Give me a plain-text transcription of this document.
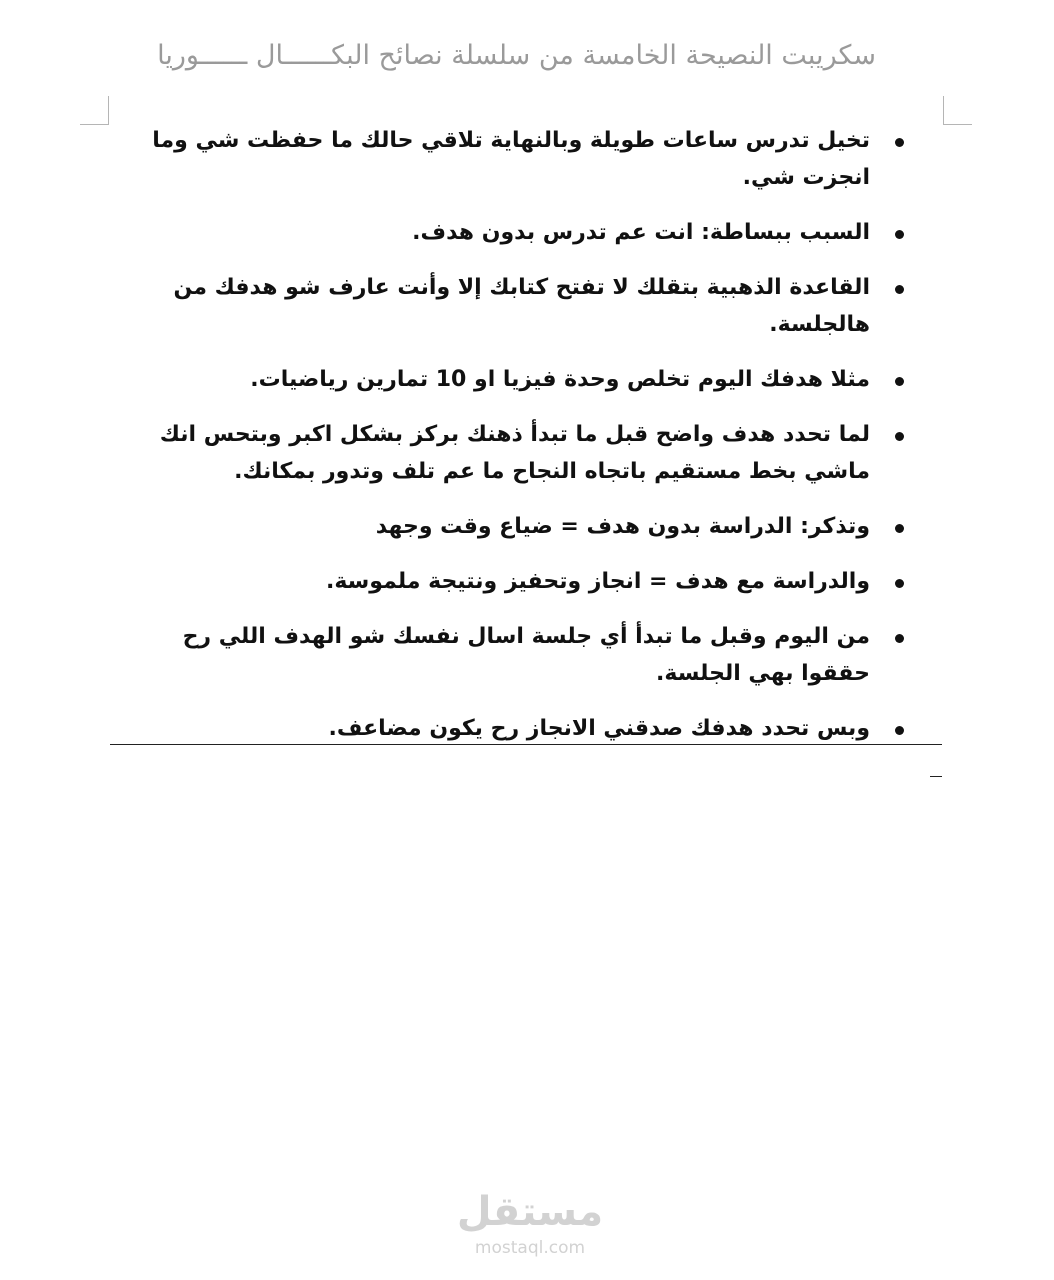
سكريبت النصيحة الخامسة من سلسلة نصائح البكــــــال ــــــوريا
تخيل تدرس ساعات طويلة وبالنهاية تلاقي حالك ما حفظت شي وما انجزت شي.
السبب ببساطة: انت عم تدرس بدون هدف.
القاعدة الذهبية بتقلك لا تفتح كتابك إلا وأنت عارف شو هدفك من هالجلسة.
مثلا هدفك اليوم تخلص وحدة فيزيا او 10 تمارين رياضيات.
لما تحدد هدف واضح قبل ما تبدأ ذهنك بركز بشكل اكبر وبتحس انك ماشي بخط مستقيم باتجاه النجاح ما عم تلف وتدور بمكانك.
وتذكر: الدراسة بدون هدف = ضياع وقت وجهد
والدراسة مع هدف = انجاز وتحفيز ونتيجة ملموسة.
من اليوم وقبل ما تبدأ أي جلسة اسال نفسك شو الهدف اللي رح حققوا بهي الجلسة.
وبس تحدد هدفك صدقني الانجاز رح يكون مضاعف.
مستقل
mostaql.com
